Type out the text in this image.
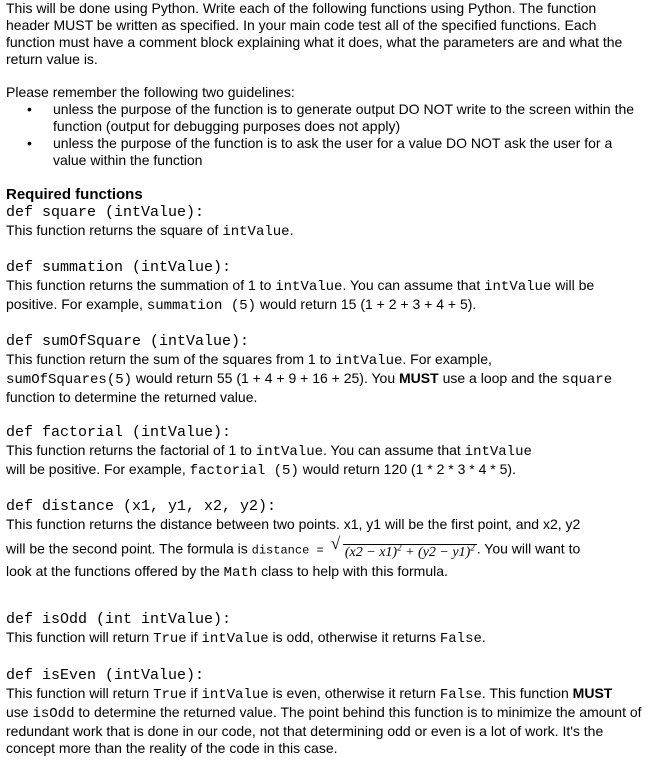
This will be done using Python. Write each of the following functions using Python. The function header MUST be written as specified. In your main code test all of the specified functions. Each function must have a comment block explaining what it does, what the parameters are and what the return value is.

Please remember the following two guidelines:

• unless the purpose of the function is to generate output DO NOT write to the screen within the function (output for debugging purposes does not apply)
• unless the purpose of the function is to ask the user for a value DO NOT ask the user for a value within the function

Required functions

def square (intValue):

This function returns the square of intValue.

def summation (intValue):

This function returns the summation of 1 to intValue. You can assume that intValue will be positive. For example, summation (5) would return 15 (1 + 2 + 3 + 4 + 5).

def sumOfSquare (intValue):

This function return the sum of the squares from 1 to intValue. For example,
sumOfSquares(5) would return 55 (1 + 4 + 9 + 16 + 25). You MUST use a loop and the square
function to determine the returned value.

def factorial (intValue):

This function returns the factorial of 1 to intValue. You can assume that intValue
will be positive. For example, factorial (5) would return 120 (1 * 2 * 3 * 4 * 5).

def distance (x1, y1, x2, y2):

This function returns the distance between two points. x1, y1 will be the first point, and x2, y2

will be the second point. The formula is distance = √ $(x2 - x1)^2 + (y2 - y1)^2$ . You will want to

look at the functions offered by the Math class to help with this formula.

def isOdd (int intValue):

This function will return True if intValue is odd, otherwise it returns False.

def isEven (intValue):

This function will return True if intValue is even, otherwise it return False. This function MUST
use isOdd to determine the returned value. The point behind this function is to minimize the amount of redundant work that is done in our code, not that determining odd or even is a lot of work. It's the concept more than the reality of the code in this case.
